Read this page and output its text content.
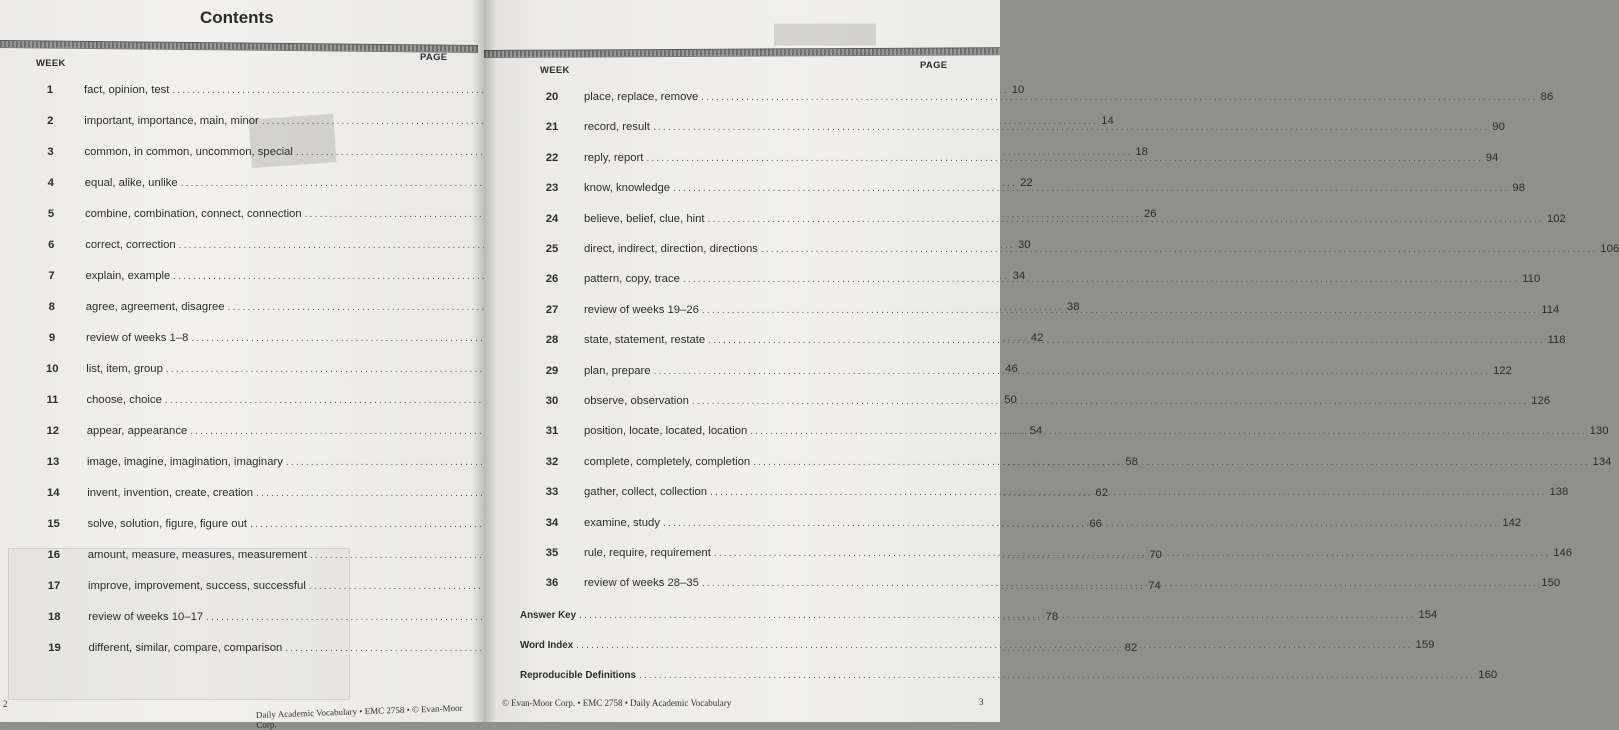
███
Contents
WEEK
PAGE
1	fact, opinion, test .....	10
2	important, importance, main, minor .....	14
3	common, in common, uncommon, special .....	18
4	equal, alike, unlike .....	22
5	combine, combination, connect, connection .....	26
6	correct, correction .....	30
7	explain, example .....	34
8	agree, agreement, disagree .....	38
9	review of weeks 1–8 .....	42
10	list, item, group .....	46
11	choose, choice .....	50
12	appear, appearance .....	54
13	image, imagine, imagination, imaginary .....	58
14	invent, invention, create, creation .....	62
15	solve, solution, figure, figure out .....	66
16	amount, measure, measures, measurement .....	70
17	improve, improvement, success, successful .....	74
18	review of weeks 10–17 .....	78
19	different, similar, compare, comparison .....	82
2	Daily Academic Vocabulary • EMC 2758 • © Evan-Moor Corp.
████████
WEEK	PAGE
20	place, replace, remove .....	86
21	record, result .....	90
22	reply, report .....	94
23	know, knowledge .....	98
24	believe, belief, clue, hint .....	102
25	direct, indirect, direction, directions .....	106
26	pattern, copy, trace .....	110
27	review of weeks 19–26 .....	114
28	state, statement, restate .....	118
29	plan, prepare .....	122
30	observe, observation .....	126
31	position, locate, located, location .....	130
32	complete, completely, completion .....	134
33	gather, collect, collection .....	138
34	examine, study .....	142
35	rule, require, requirement .....	146
36	review of weeks 28–35 .....	150
Answer Key .....	154
Word Index .....	159
Reproducible Definitions .....	160
© Evan-Moor Corp. • EMC 2758 • Daily Academic Vocabulary	3
